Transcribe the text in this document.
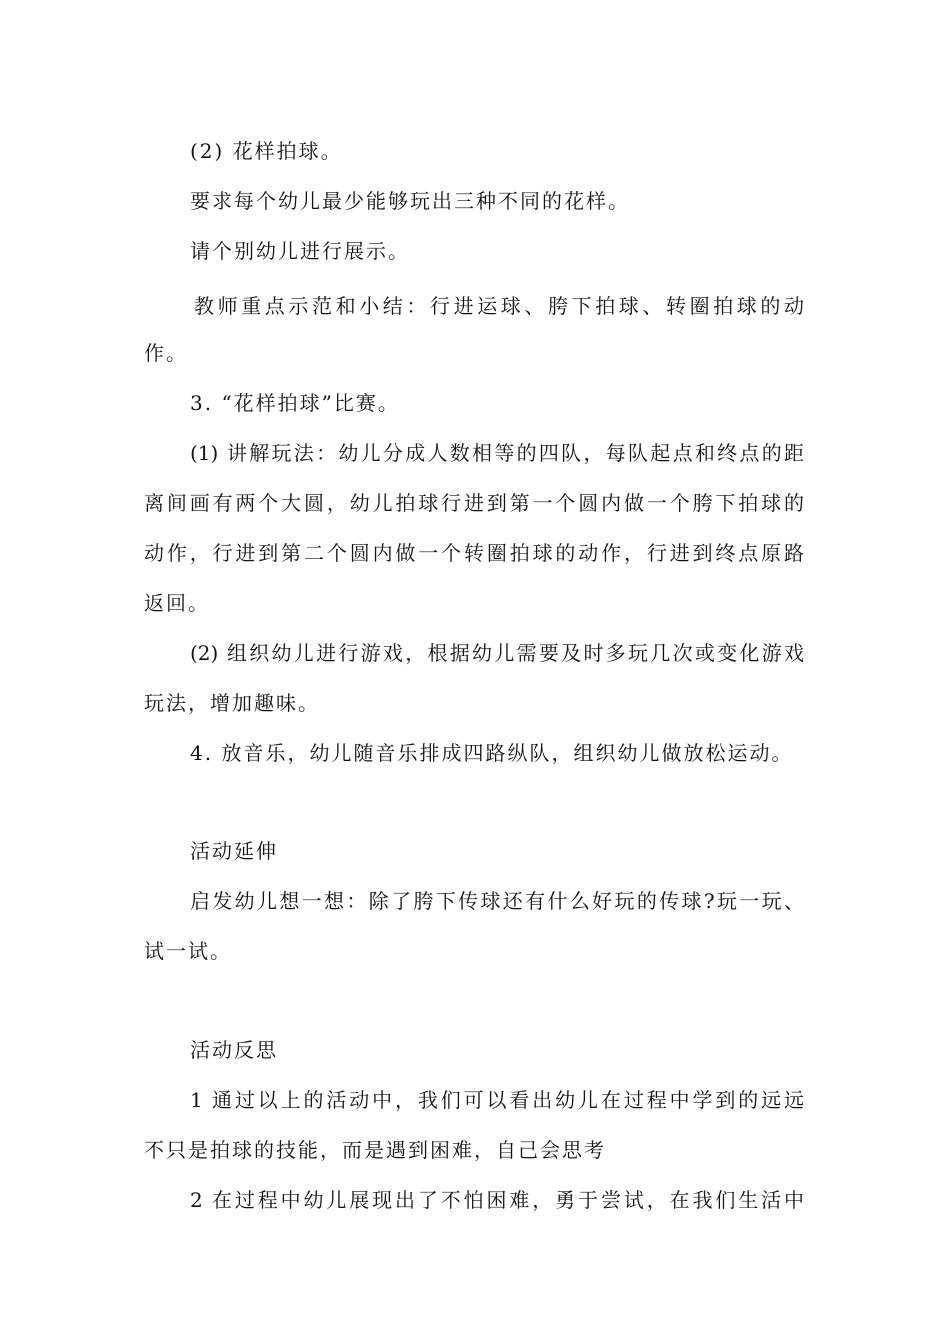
(2) 花样拍球。
要求每个幼儿最少能够玩出三种不同的花样。
请个别幼儿进行展示。
教师重点示范和小结：行进运球、胯下拍球、转圈拍球的动
作。
3. “花样拍球”比赛。
(1) 讲解玩法：幼儿分成人数相等的四队，每队起点和终点的距
离间画有两个大圆，幼儿拍球行进到第一个圆内做一个胯下拍球的
动作，行进到第二个圆内做一个转圈拍球的动作，行进到终点原路
返回。
(2) 组织幼儿进行游戏，根据幼儿需要及时多玩几次或变化游戏
玩法，增加趣味。
4. 放音乐，幼儿随音乐排成四路纵队，组织幼儿做放松运动。
活动延伸
启发幼儿想一想：除了胯下传球还有什么好玩的传球?玩一玩、
试一试。
活动反思
1 通过以上的活动中，我们可以看出幼儿在过程中学到的远远
不只是拍球的技能，而是遇到困难，自己会思考
2 在过程中幼儿展现出了不怕困难，勇于尝试，在我们生活中
